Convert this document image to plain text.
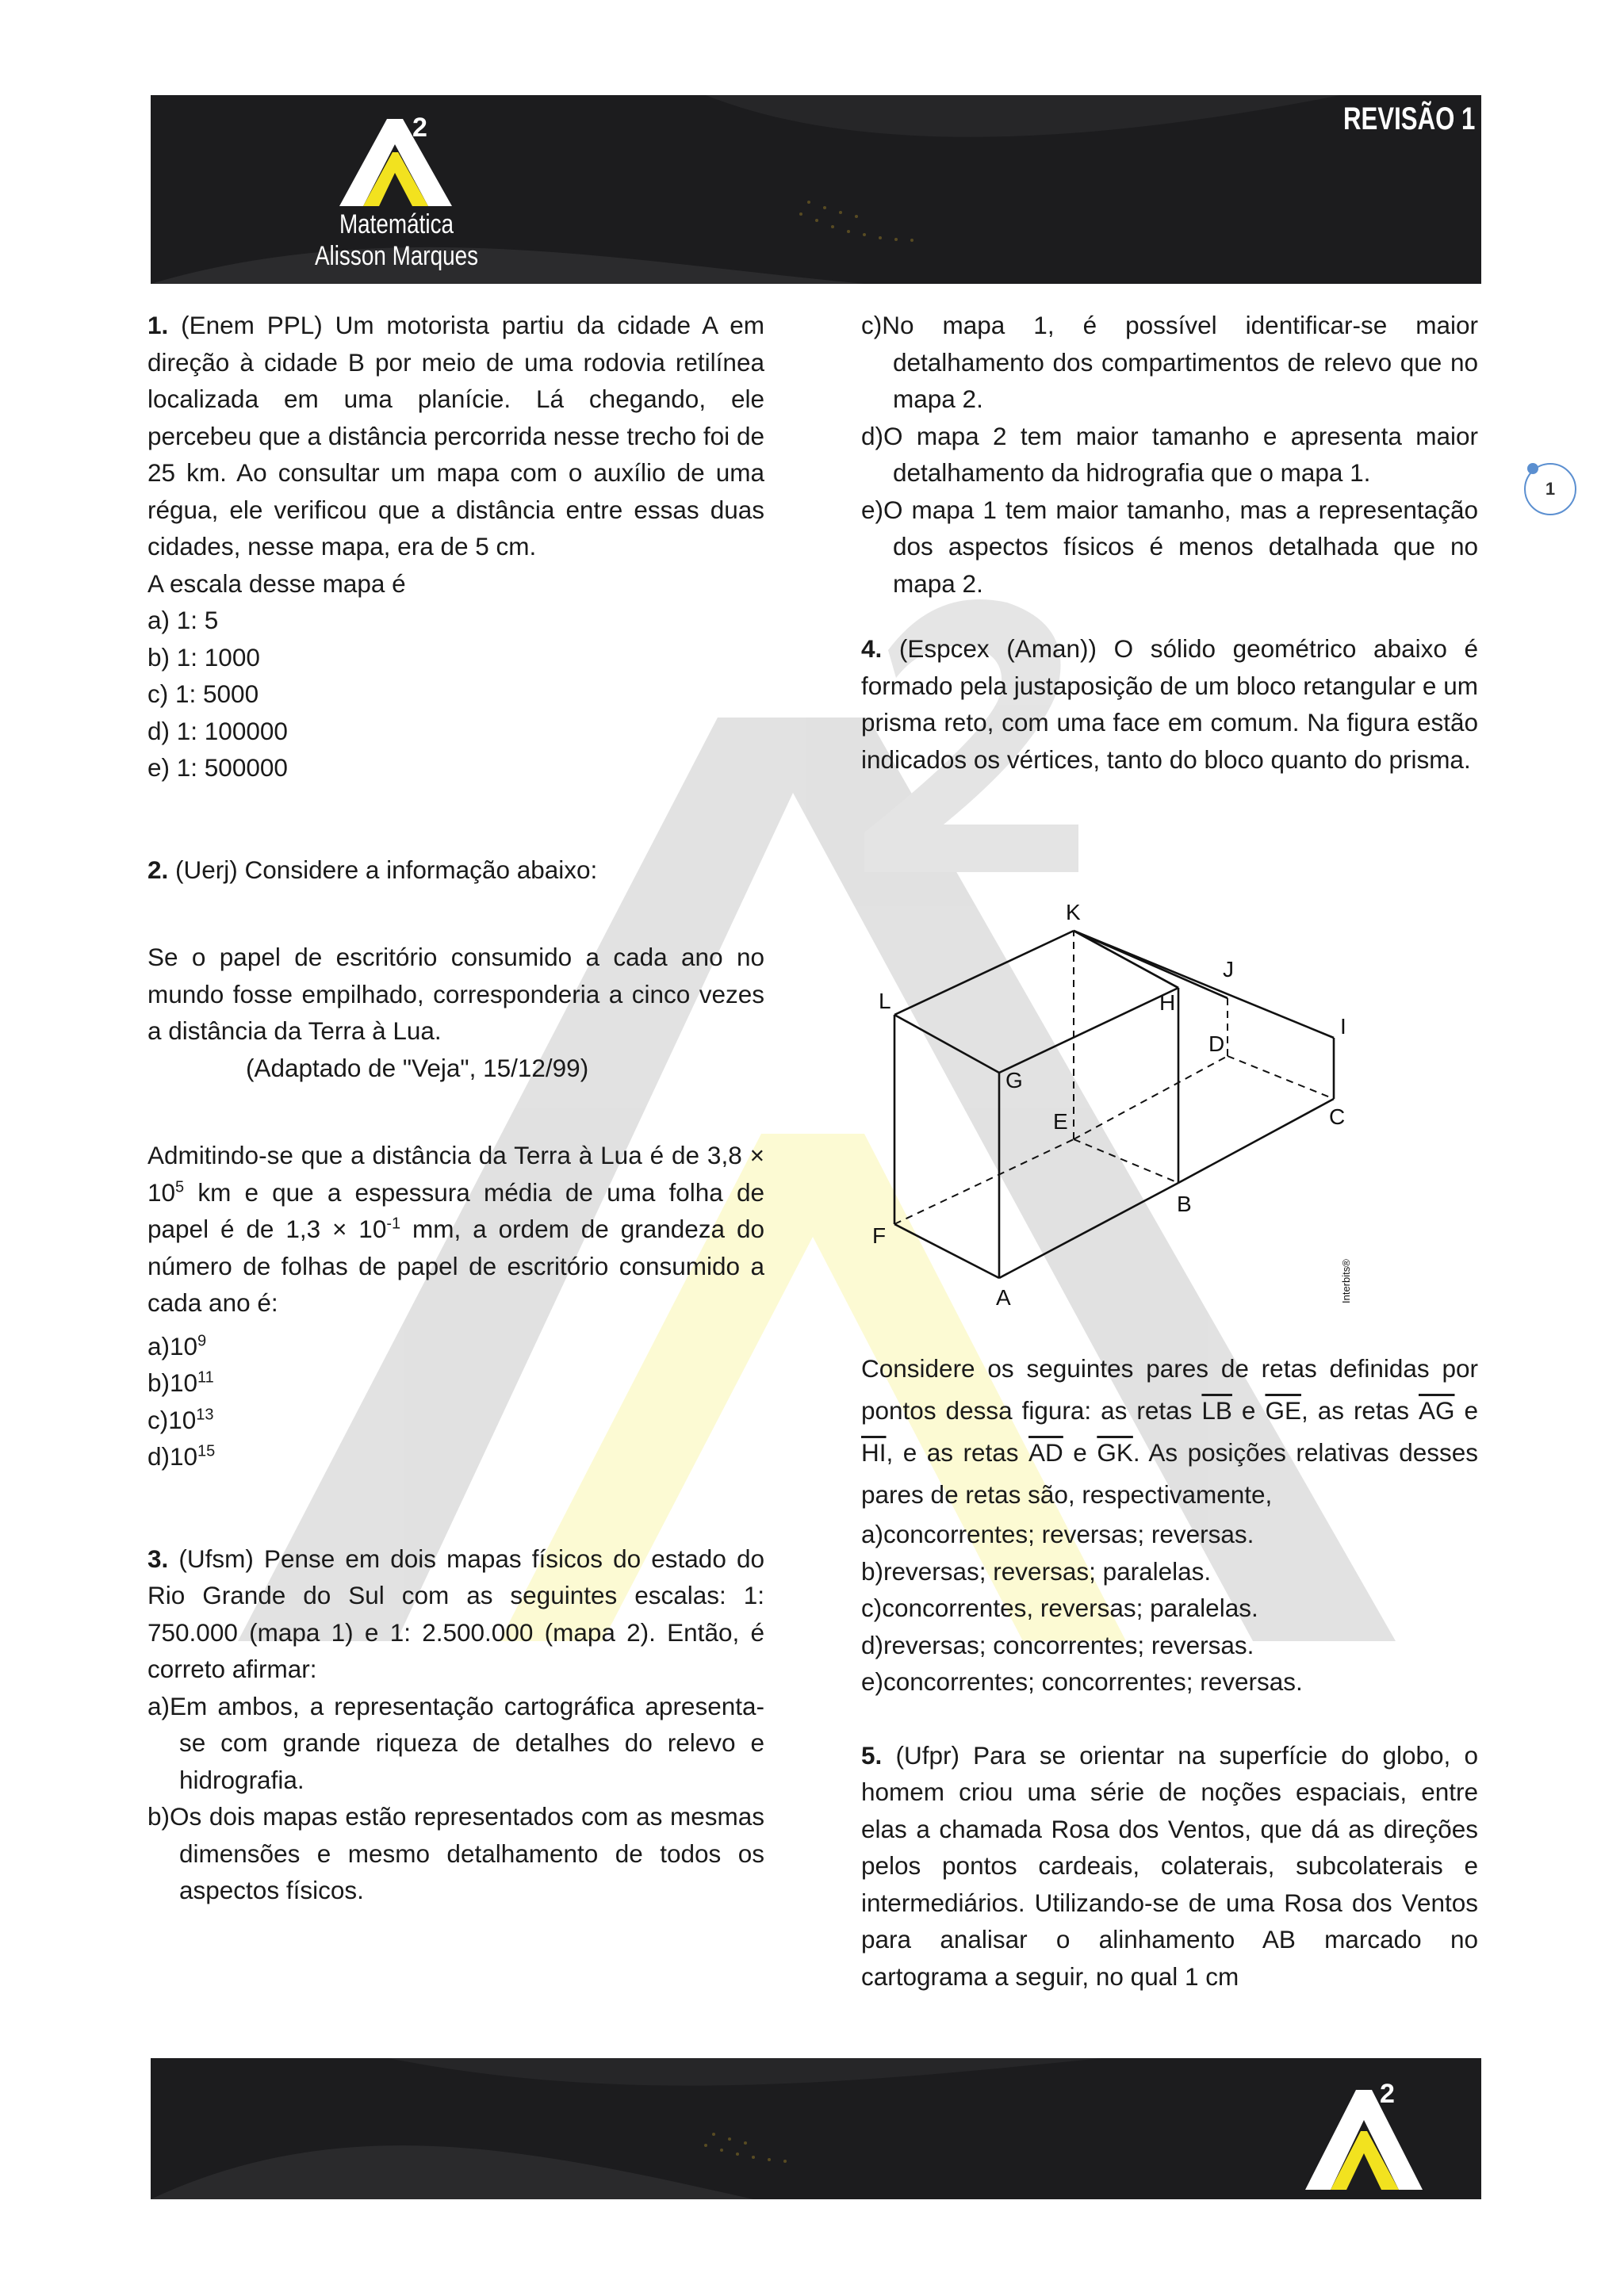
2	REVISÃO 1
Matemática
Alisson Marques
1

1. (Enem PPL) Um motorista partiu da cidade A em direção à cidade B por meio de uma rodovia retilínea localizada em uma planície. Lá chegando, ele percebeu que a distância percorrida nesse trecho foi de 25 km. Ao consultar um mapa com o auxílio de uma régua, ele verificou que a distância entre essas duas cidades, nesse mapa, era de 5 cm.

A escala desse mapa é

a) 1: 5

b) 1: 1000

c) 1: 5000

d) 1: 100000

e) 1: 500000

2. (Uerj) Considere a informação abaixo:

Se o papel de escritório consumido a cada ano no mundo fosse empilhado, corresponderia a cinco vezes a distância da Terra à Lua.

(Adaptado de "Veja", 15/12/99)

Admitindo-se que a distância da Terra à Lua é de $3,8 \times 10^5$ km e que a espessura média de uma folha de papel é de $1,3 \times 10^{-1}$ mm, a ordem de grandeza do número de folhas de papel de escritório consumido a cada ano é:

$a)10^9$

$b)10^{11}$

$c)10^{13}$

$d)10^{15}$

3. (Ufsm) Pense em dois mapas físicos do estado do Rio Grande do Sul com as seguintes escalas: 1: 750.000 (mapa 1) e 1: 2.500.000 (mapa 2). Então, é correto afirmar:

a)Em ambos, a representação cartográfica apresenta-se com grande riqueza de detalhes do relevo e hidrografia.

b)Os dois mapas estão representados com as mesmas dimensões e mesmo detalhamento de todos os aspectos físicos.

c)No mapa 1, é possível identificar-se maior detalhamento dos compartimentos de relevo que no mapa 2.

d)O mapa 2 tem maior tamanho e apresenta maior detalhamento da hidrografia que o mapa 1.

e)O mapa 1 tem maior tamanho, mas a representação dos aspectos físicos é menos detalhada que no mapa 2.

4. (Espcex (Aman)) O sólido geométrico abaixo é formado pela justaposição de um bloco retangular e um prisma reto, com uma face em comum. Na figura estão indicados os vértices, tanto do bloco quanto do prisma.

K
J
L	H
I
D
G
E	C
B
F
A	Interbits®

Considere os seguintes pares de retas definidas por pontos dessa figura: as retas $\overline{LB}$ e $\overline{GE}$, as retas $\overline{AG}$ e $\overline{HI}$, e as retas $\overline{AD}$ e $\overline{GK}$. As posições relativas desses pares de retas são, respectivamente,

a)concorrentes; reversas; reversas.

b)reversas; reversas; paralelas.

c)concorrentes, reversas; paralelas.

d)reversas; concorrentes; reversas.

e)concorrentes; concorrentes; reversas.

5. (Ufpr) Para se orientar na superfície do globo, o homem criou uma série de noções espaciais, entre elas a chamada Rosa dos Ventos, que dá as direções pelos pontos cardeais, colaterais, subcolaterais e intermediários. Utilizando-se de uma Rosa dos Ventos para analisar o alinhamento AB marcado no cartograma a seguir, no qual 1 cm

2
